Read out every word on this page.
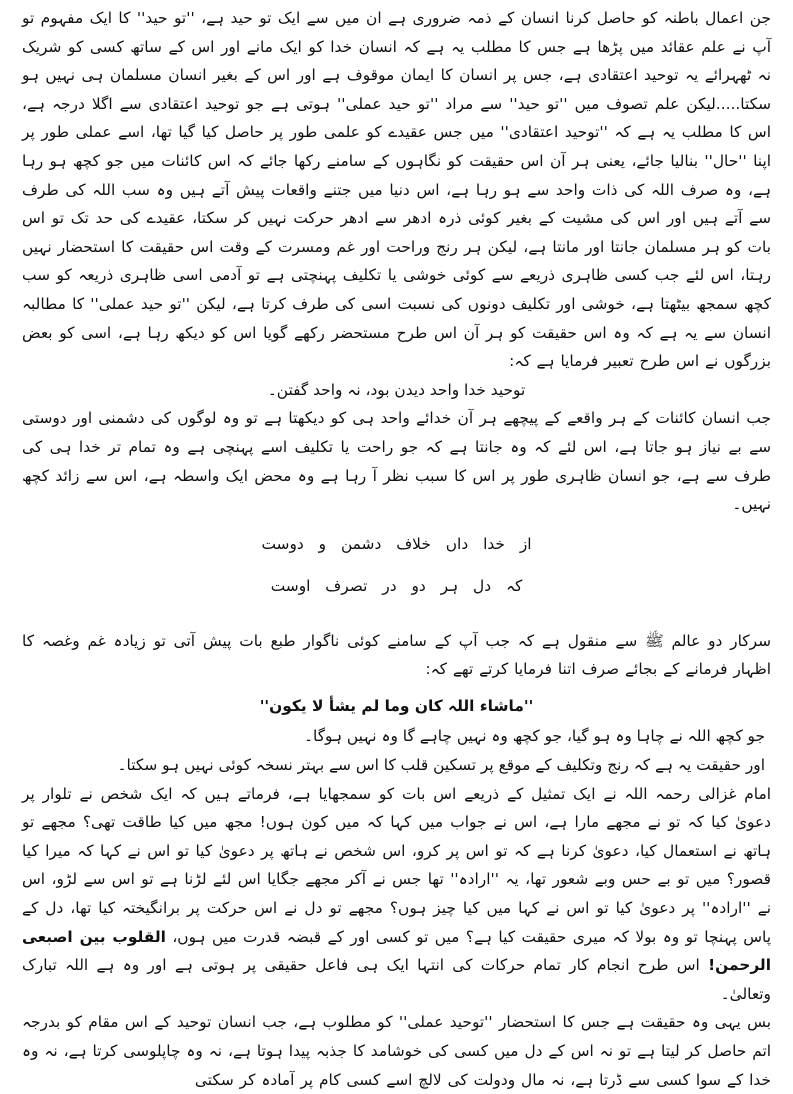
جن اعمال باطنہ کو حاصل کرنا انسان کے ذمہ ضروری ہے ان میں سے ایک تو حید ہے، ''تو حید'' کا ایک مفہوم تو آپ نے علم عقائد میں پڑھا ہے جس کا مطلب یہ ہے کہ انسان خدا کو ایک مانے اور اس کے ساتھ کسی کو شریک نہ ٹھہرائے یہ توحید اعتقادی ہے، جس پر انسان کا ایمان موقوف ہے اور اس کے بغیر انسان مسلمان ہی نہیں ہو سکتا.....لیکن علم تصوف میں ''تو حید'' سے مراد ''تو حید عملی'' ہوتی ہے جو توحید اعتقادی سے اگلا درجہ ہے، اس کا مطلب یہ ہے کہ ''توحید اعتقادی'' میں جس عقیدے کو علمی طور پر حاصل کیا گیا تھا، اسے عملی طور پر اپنا ''حال'' بنالیا جائے، یعنی ہر آن اس حقیقت کو نگاہوں کے سامنے رکھا جائے کہ اس کائنات میں جو کچھ ہو رہا ہے، وہ صرف اللہ کی ذات واحد سے ہو رہا ہے، اس دنیا میں جتنے واقعات پیش آتے ہیں وہ سب اللہ کی طرف سے آتے ہیں اور اس کی مشیت کے بغیر کوئی ذرہ ادھر سے ادھر حرکت نہیں کر سکتا، عقیدے کی حد تک تو اس بات کو ہر مسلمان جانتا اور مانتا ہے، لیکن ہر رنج وراحت اور غم ومسرت کے وقت اس حقیقت کا استحضار نہیں رہتا، اس لئے جب کسی ظاہری ذریعے سے کوئی خوشی یا تکلیف پہنچتی ہے تو آدمی اسی ظاہری ذریعہ کو سب کچھ سمجھ بیٹھتا ہے، خوشی اور تکلیف دونوں کی نسبت اسی کی طرف کرتا ہے، لیکن ''تو حید عملی'' کا مطالبہ انسان سے یہ ہے کہ وہ اس حقیقت کو ہر آن اس طرح مستحضر رکھے گویا اس کو دیکھ رہا ہے، اسی کو بعض بزرگوں نے اس طرح تعبیر فرمایا ہے کہ:

توحید خدا واحد دیدن بود، نہ واحد گفتن۔

جب انسان کائنات کے ہر واقعے کے پیچھے ہر آن خدائے واحد ہی کو دیکھتا ہے تو وہ لوگوں کی دشمنی اور دوستی سے بے نیاز ہو جاتا ہے، اس لئے کہ وہ جانتا ہے کہ جو راحت یا تکلیف اسے پہنچی ہے وہ تمام تر خدا ہی کی طرف سے ہے، جو انسان ظاہری طور پر اس کا سبب نظر آ رہا ہے وہ محض ایک واسطہ ہے، اس سے زائد کچھ نہیں۔

از خدا داں خلاف دشمن و دوست

کہ دل ہر دو در تصرف اوست

سرکار دو عالم ﷺ سے منقول ہے کہ جب آپ کے سامنے کوئی ناگوار طبع بات پیش آتی تو زیادہ غم وغصہ کا اظہار فرمانے کے بجائے صرف اتنا فرمایا کرتے تھے کہ:

''ماشاء اللہ کان وما لم یشأ لا یکون''

جو کچھ اللہ نے چاہا وہ ہو گیا، جو کچھ وہ نہیں چاہے گا وہ نہیں ہوگا۔

اور حقیقت یہ ہے کہ رنج وتکلیف کے موقع پر تسکین قلب کا اس سے بہتر نسخہ کوئی نہیں ہو سکتا۔

امام غزالی رحمہ اللہ نے ایک تمثیل کے ذریعے اس بات کو سمجھایا ہے، فرماتے ہیں کہ ایک شخص نے تلوار پر دعویٰ کیا کہ تو نے مجھے مارا ہے، اس نے جواب میں کہا کہ میں کون ہوں! مجھ میں کیا طاقت تھی؟ مجھے تو ہاتھ نے استعمال کیا، دعویٰ کرنا ہے کہ تو اس پر کرو، اس شخص نے ہاتھ پر دعویٰ کیا تو اس نے کہا کہ میرا کیا قصور؟ میں تو بے حس وبے شعور تھا، یہ ''ارادہ'' تھا جس نے آکر مجھے جگایا اس لئے لڑنا ہے تو اس سے لڑو، اس نے ''ارادہ'' پر دعویٰ کیا تو اس نے کہا میں کیا چیز ہوں؟ مجھے تو دل نے اس حرکت پر برانگیختہ کیا تھا، دل کے پاس پہنچا تو وہ بولا کہ میری حقیقت کیا ہے؟ میں تو کسی اور کے قبضہ قدرت میں ہوں، القلوب بین اصبعی الرحمن! اس طرح انجام کار تمام حرکات کی انتہا ایک ہی فاعل حقیقی پر ہوتی ہے اور وہ ہے اللہ تبارک وتعالیٰ۔

بس یہی وہ حقیقت ہے جس کا استحضار ''توحید عملی'' کو مطلوب ہے، جب انسان توحید کے اس مقام کو بدرجہ اتم حاصل کر لیتا ہے تو نہ اس کے دل میں کسی کی خوشامد کا جذبہ پیدا ہوتا ہے، نہ وہ چاپلوسی کرتا ہے، نہ وہ خدا کے سوا کسی سے ڈرتا ہے، نہ مال ودولت کی لالچ اسے کسی کام پر آمادہ کر سکتی
